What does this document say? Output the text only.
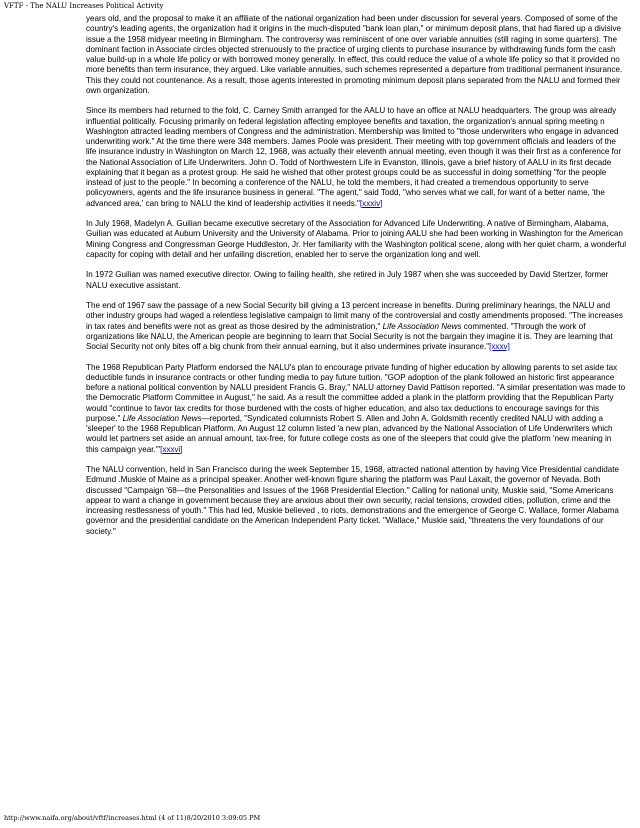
VFTF - The NALU Increases Political Activity

years old, and the proposal to make it an affiliate of the national organization had been under discussion for several years. Composed of some of the country's leading agents, the organization had it origins in the much-disputed "bank loan plan," or minimum deposit plans, that had flared up a divisive issue a the 1958 midyear meeting in Birmingham. The controversy was reminiscent of one over variable annuities (still raging in some quarters). The dominant faction in Associate circles objected strenuously to the practice of urging clients to purchase insurance by withdrawing funds form the cash value build-up in a whole life policy or with borrowed money generally. In effect, this could reduce the value of a whole life policy so that it provided no more benefits than term insurance, they argued. Like variable annuities, such schemes represented a departure from traditional permanent insurance. This they could not countenance. As a result, those agents interested in promoting minimum deposit plans separated from the NALU and formed their own organization.

Since its members had returned to the fold, C. Carney Smith arranged for the AALU to have an office at NALU headquarters. The group was already influential politically. Focusing primarily on federal legislation affecting employee benefits and taxation, the organization's annual spring meeting n Washington attracted leading members of Congress and the administration. Membership was limited to "those underwriters who engage in advanced underwriting work." At the time there were 348 members. James Poole was president. Their meeting with top government officials and leaders of the life insurance industry in Washington on March 12, 1968, was actually their eleventh annual meeting, even though it was their first as a conference for the National Association of Life Underwriters. John O. Todd of Northwestern Life in Evanston, Illinois, gave a brief history of AALU in its first decade explaining that it began as a protest group. He said he wished that other protest groups could be as successful in doing something "for the people instead of just to the people." In becoming a conference of the NALU, he told the members, it had created a tremendous opportunity to serve policyowners, agents and the life insurance business in general. "The agent," said Todd, "who serves what we call, for want of a better name, 'the advanced area,' can bring to NALU the kind of leadership activities it needs."[xxxiv]

In July 1968, Madelyn A. Guilian became executive secretary of the Association for Advanced Life Underwriting. A native of Birmingham, Alabama, Guilian was educated at Auburn University and the University of Alabama. Prior to joining AALU she had been working in Washington for the American Mining Congress and Congressman George Huddleston, Jr. Her familiarity with the Washington political scene, along with her quiet charm, a wonderful capacity for coping with detail and her unfailing discretion, enabled her to serve the organization long and well.

In 1972 Guilian was named executive director. Owing to failing health, she retired in July 1987 when she was succeeded by David Stertzer, former NALU executive assistant.

The end of 1967 saw the passage of a new Social Security bill giving a 13 percent increase in benefits. During preliminary hearings, the NALU and other industry groups had waged a relentless legislative campaign to limit many of the controversial and costly amendments proposed. "The increases in tax rates and benefits were not as great as those desired by the administration," Life Association News commented. "Through the work of organizations like NALU, the American people are beginning to learn that Social Security is not the bargain they imagine it is. They are learning that Social Security not only bites off a big chunk from their annual earning, but it also undermines private insurance."[xxxv]

The 1968 Republican Party Platform endorsed the NALU's plan to encourage private funding of higher education by allowing parents to set aside tax deductible funds in insurance contracts or other funding media to pay future tuition. "GOP adoption of the plank followed an historic first appearance before a national political convention by NALU president Francis G. Bray," NALU attorney David Pattison reported. "A similar presentation was made to the Democratic Platform Committee in August," he said. As a result the committee added a plank in the platform providing that the Republican Party would "continue to favor tax credits for those burdened with the costs of higher education, and also tax deductions to encourage savings for this purpose." Life Association News—reported, "Syndicated columnists Robert S. Allen and John A. Goldsmith recently credited NALU with adding a 'sleeper' to the 1968 Republican Platform. An August 12 column listed 'a new plan, advanced by the National Association of Life Underwriters which would let partners set aside an annual amount, tax-free, for future college costs as one of the sleepers that could give the platform 'new meaning in this campaign year.'"[xxxvi]

The NALU convention, held in San Francisco during the week September 15, 1968, attracted national attention by having Vice Presidential candidate Edmund .Muskie of Maine as a principal speaker. Another well-known figure sharing the platform was Paul Laxalt, the governor of Nevada. Both discussed "Campaign '68—the Personalities and Issues of the 1968 Presidential Election." Calling for national unity, Muskie said, "Some Americans appear to want a change in government because they are anxious about their own security, racial tensions, crowded cities, pollution, crime and the increasing restlessness of youth." This had led, Muskie believed , to riots, demonstrations and the emergence of George C. Wallace, former Alabama governor and the presidential candidate on the American Independent Party ticket. "Wallace," Muskie said, "threatens the very foundations of our society."

http://www.naifa.org/about/vftf/increases.html (4 of 11)8/20/2010 3:09:05 PM
